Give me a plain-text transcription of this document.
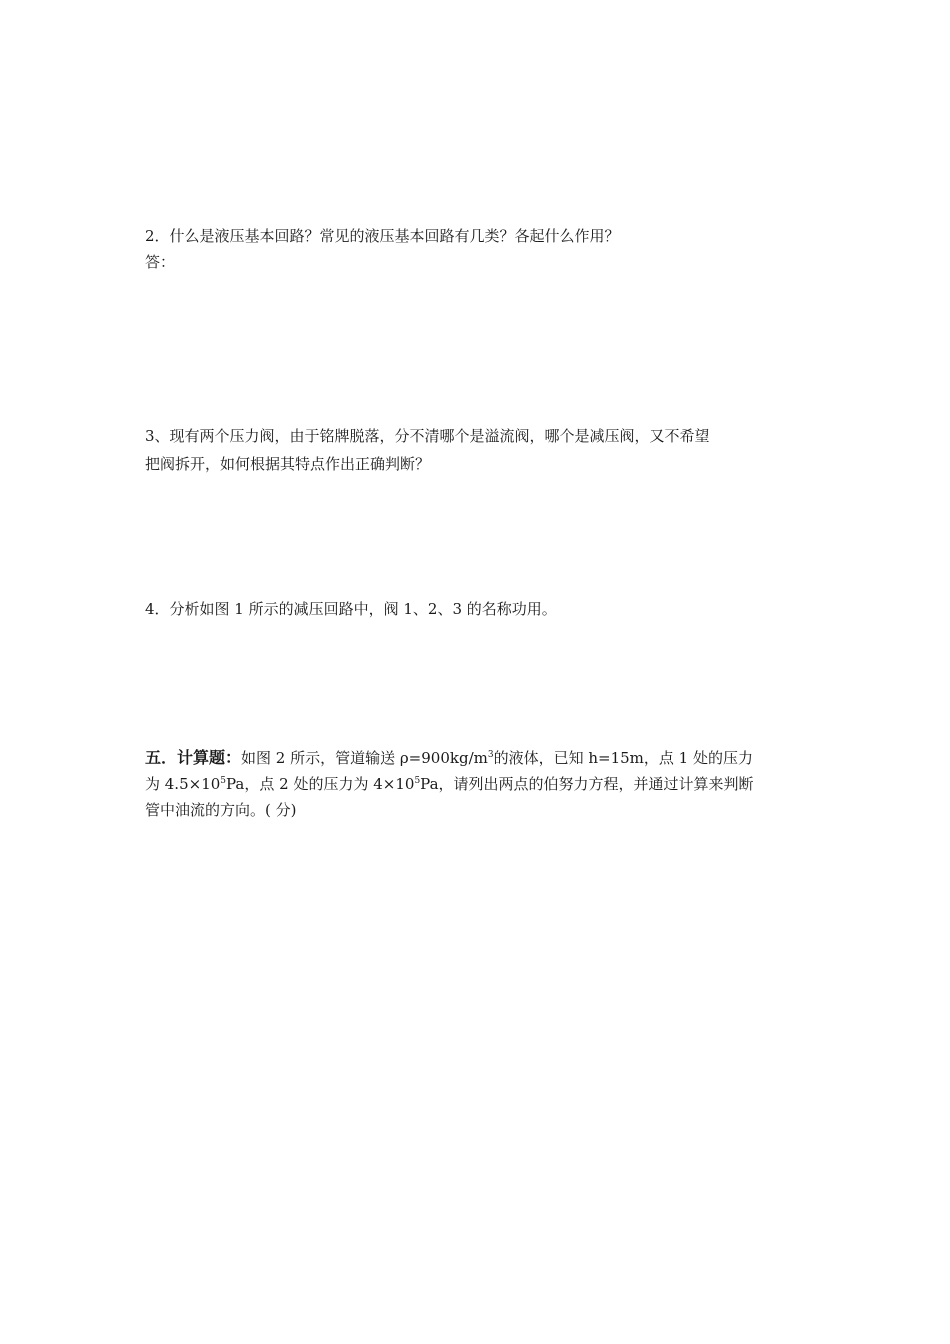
2．什么是液压基本回路？常见的液压基本回路有几类？各起什么作用？
答：
3、现有两个压力阀，由于铭牌脱落，分不清哪个是溢流阀，哪个是减压阀，又不希望
把阀拆开，如何根据其特点作出正确判断？
4．分析如图 1 所示的减压回路中，阀 1、2、3 的名称功用。
五．计算题：如图 2 所示，管道输送 $\rho=900kg/m^3$的液体，已知 h=15m，点 1 处的压力
为 $4.5\times 10^5Pa$，点 2 处的压力为 $4\times 10^5Pa$，请列出两点的伯努力方程，并通过计算来判断
管中油流的方向。( 分)
